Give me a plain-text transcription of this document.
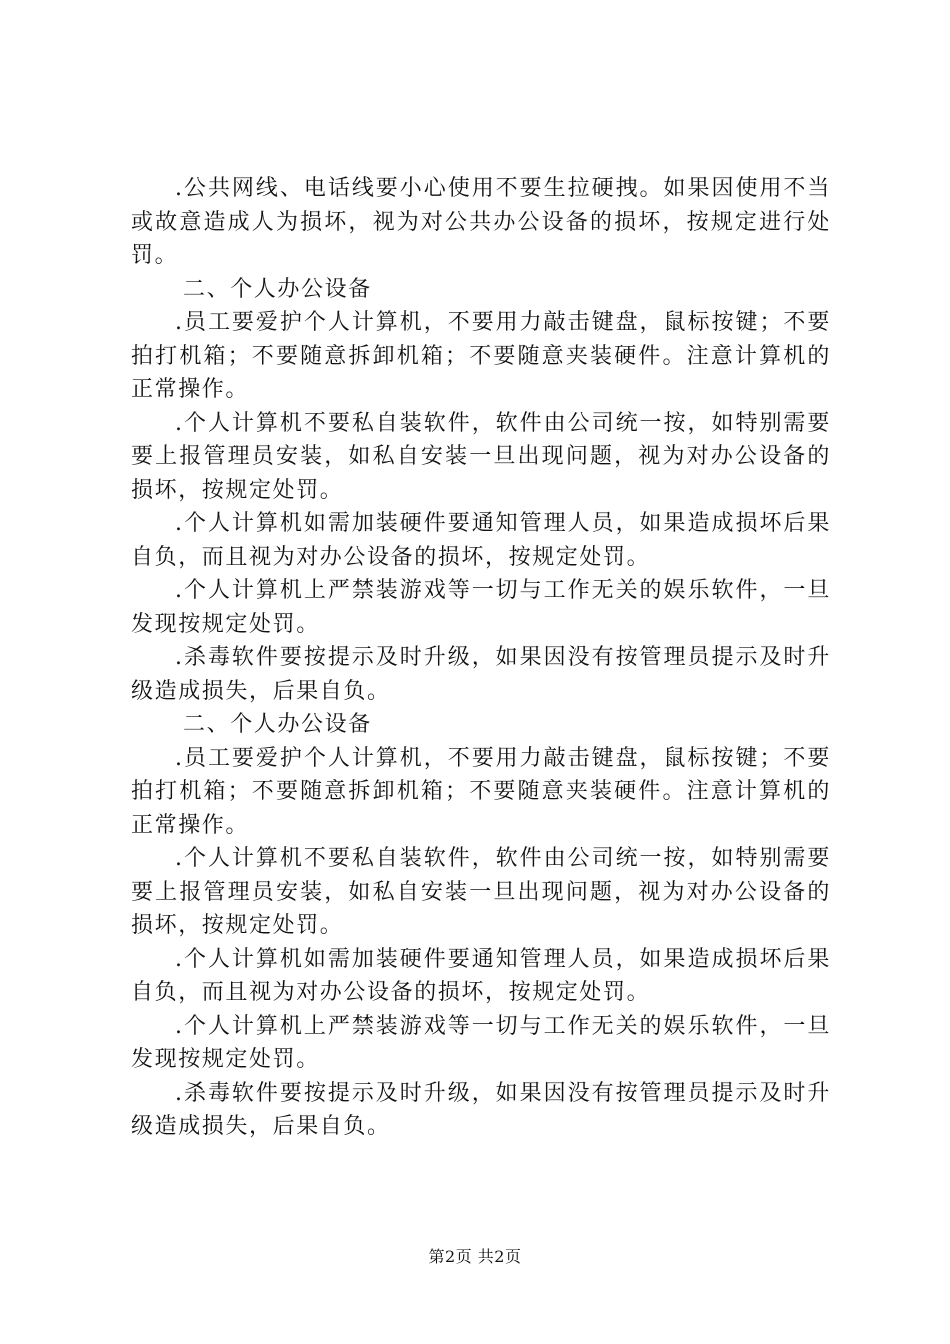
.公共网线、电话线要小心使用不要生拉硬拽。如果因使用不当或故意造成人为损坏，视为对公共办公设备的损坏，按规定进行处罚。

二、个人办公设备

.员工要爱护个人计算机，不要用力敲击键盘，鼠标按键；不要拍打机箱；不要随意拆卸机箱；不要随意夹装硬件。注意计算机的正常操作。

.个人计算机不要私自装软件，软件由公司统一按，如特别需要要上报管理员安装，如私自安装一旦出现问题，视为对办公设备的损坏，按规定处罚。

.个人计算机如需加装硬件要通知管理人员，如果造成损坏后果自负，而且视为对办公设备的损坏，按规定处罚。

.个人计算机上严禁装游戏等一切与工作无关的娱乐软件，一旦发现按规定处罚。

.杀毒软件要按提示及时升级，如果因没有按管理员提示及时升级造成损失，后果自负。

二、个人办公设备

.员工要爱护个人计算机，不要用力敲击键盘，鼠标按键；不要拍打机箱；不要随意拆卸机箱；不要随意夹装硬件。注意计算机的正常操作。

.个人计算机不要私自装软件，软件由公司统一按，如特别需要要上报管理员安装，如私自安装一旦出现问题，视为对办公设备的损坏，按规定处罚。

.个人计算机如需加装硬件要通知管理人员，如果造成损坏后果自负，而且视为对办公设备的损坏，按规定处罚。

.个人计算机上严禁装游戏等一切与工作无关的娱乐软件，一旦发现按规定处罚。

.杀毒软件要按提示及时升级，如果因没有按管理员提示及时升级造成损失，后果自负。

第2页 共2页
